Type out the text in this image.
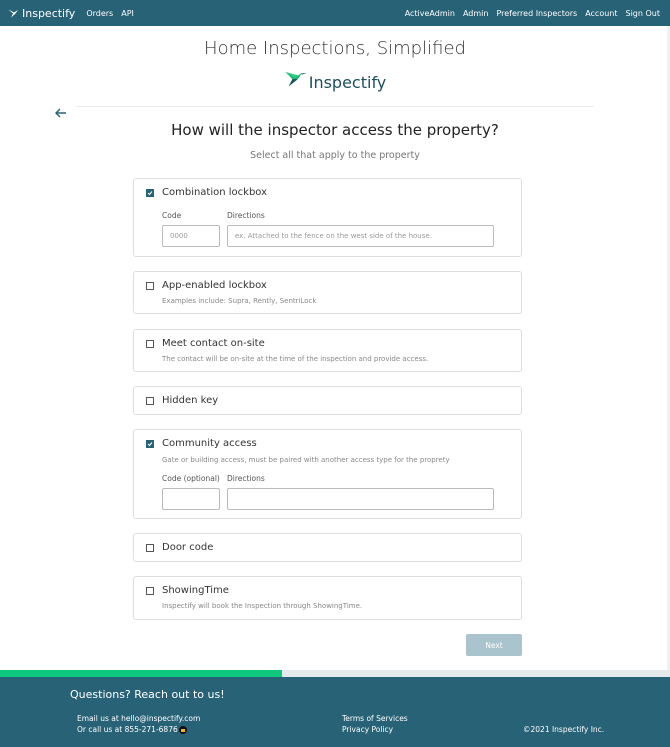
Inspectify Orders API	ActiveAdmin Admin Preferred Inspectors Account Sign Out
Home Inspections, Simplified
Inspectify
How will the inspector access the property?
Select all that apply to the property
Combination lockbox
Code	Directions
0000	ex. Attached to the fence on the west side of the house.
App-enabled lockbox
Examples include: Supra, Rently, SentriLock
Meet contact on-site
The contact will be on-site at the time of the inspection and provide access.
Hidden key
Community access
Gate or building access, must be paired with another access type for the proprety
Code (optional) Directions
Door code
ShowingTime
Inspectify will book the Inspection through ShowingTime.
Next
Questions? Reach out to us!
Email us at hello@inspectify.com
Or call us at 855-271-6876
Terms of Services
Privacy Policy	©2021 Inspectify Inc.
